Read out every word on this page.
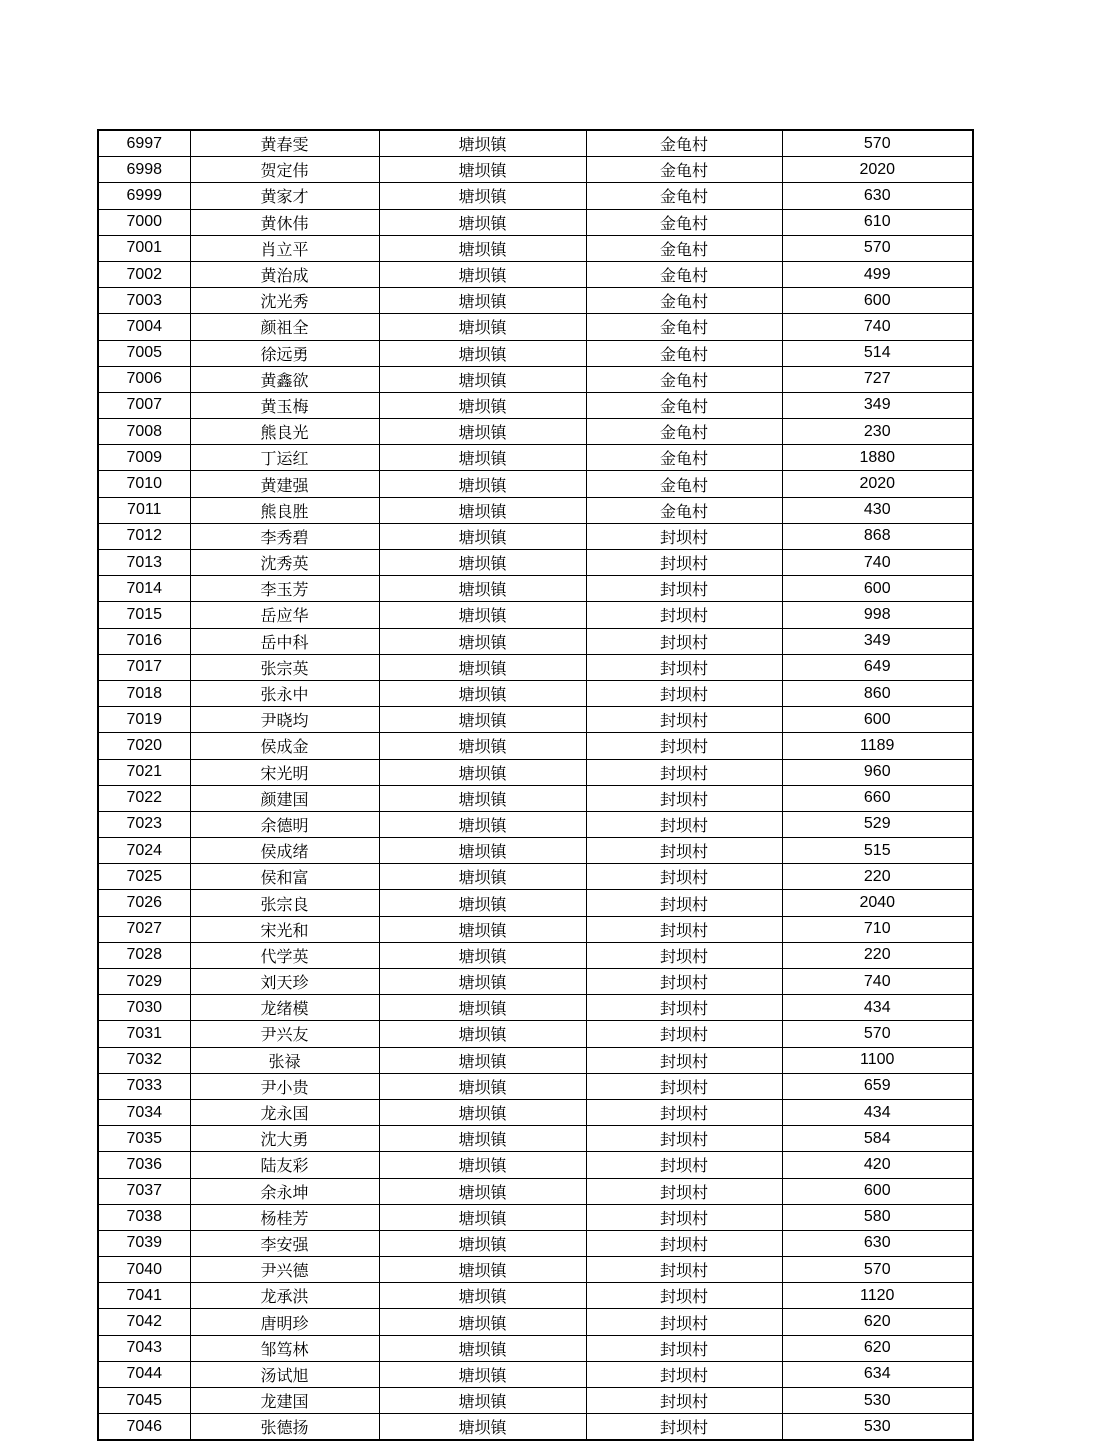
6997	黄春雯	塘坝镇	金龟村	570
6998	贺定伟	塘坝镇	金龟村	2020
6999	黄家才	塘坝镇	金龟村	630
7000	黄休伟	塘坝镇	金龟村	610
7001	肖立平	塘坝镇	金龟村	570
7002	黄治成	塘坝镇	金龟村	499
7003	沈光秀	塘坝镇	金龟村	600
7004	颜祖全	塘坝镇	金龟村	740
7005	徐远勇	塘坝镇	金龟村	514
7006	黄鑫欲	塘坝镇	金龟村	727
7007	黄玉梅	塘坝镇	金龟村	349
7008	熊良光	塘坝镇	金龟村	230
7009	丁运红	塘坝镇	金龟村	1880
7010	黄建强	塘坝镇	金龟村	2020
7011	熊良胜	塘坝镇	金龟村	430
7012	李秀碧	塘坝镇	封坝村	868
7013	沈秀英	塘坝镇	封坝村	740
7014	李玉芳	塘坝镇	封坝村	600
7015	岳应华	塘坝镇	封坝村	998
7016	岳中科	塘坝镇	封坝村	349
7017	张宗英	塘坝镇	封坝村	649
7018	张永中	塘坝镇	封坝村	860
7019	尹晓均	塘坝镇	封坝村	600
7020	侯成金	塘坝镇	封坝村	1189
7021	宋光明	塘坝镇	封坝村	960
7022	颜建国	塘坝镇	封坝村	660
7023	余德明	塘坝镇	封坝村	529
7024	侯成绪	塘坝镇	封坝村	515
7025	侯和富	塘坝镇	封坝村	220
7026	张宗良	塘坝镇	封坝村	2040
7027	宋光和	塘坝镇	封坝村	710
7028	代学英	塘坝镇	封坝村	220
7029	刘天珍	塘坝镇	封坝村	740
7030	龙绪模	塘坝镇	封坝村	434
7031	尹兴友	塘坝镇	封坝村	570
7032	张禄	塘坝镇	封坝村	1100
7033	尹小贵	塘坝镇	封坝村	659
7034	龙永国	塘坝镇	封坝村	434
7035	沈大勇	塘坝镇	封坝村	584
7036	陆友彩	塘坝镇	封坝村	420
7037	余永坤	塘坝镇	封坝村	600
7038	杨桂芳	塘坝镇	封坝村	580
7039	李安强	塘坝镇	封坝村	630
7040	尹兴德	塘坝镇	封坝村	570
7041	龙承洪	塘坝镇	封坝村	1120
7042	唐明珍	塘坝镇	封坝村	620
7043	邹笃林	塘坝镇	封坝村	620
7044	汤试旭	塘坝镇	封坝村	634
7045	龙建国	塘坝镇	封坝村	530
7046	张德扬	塘坝镇	封坝村	530
